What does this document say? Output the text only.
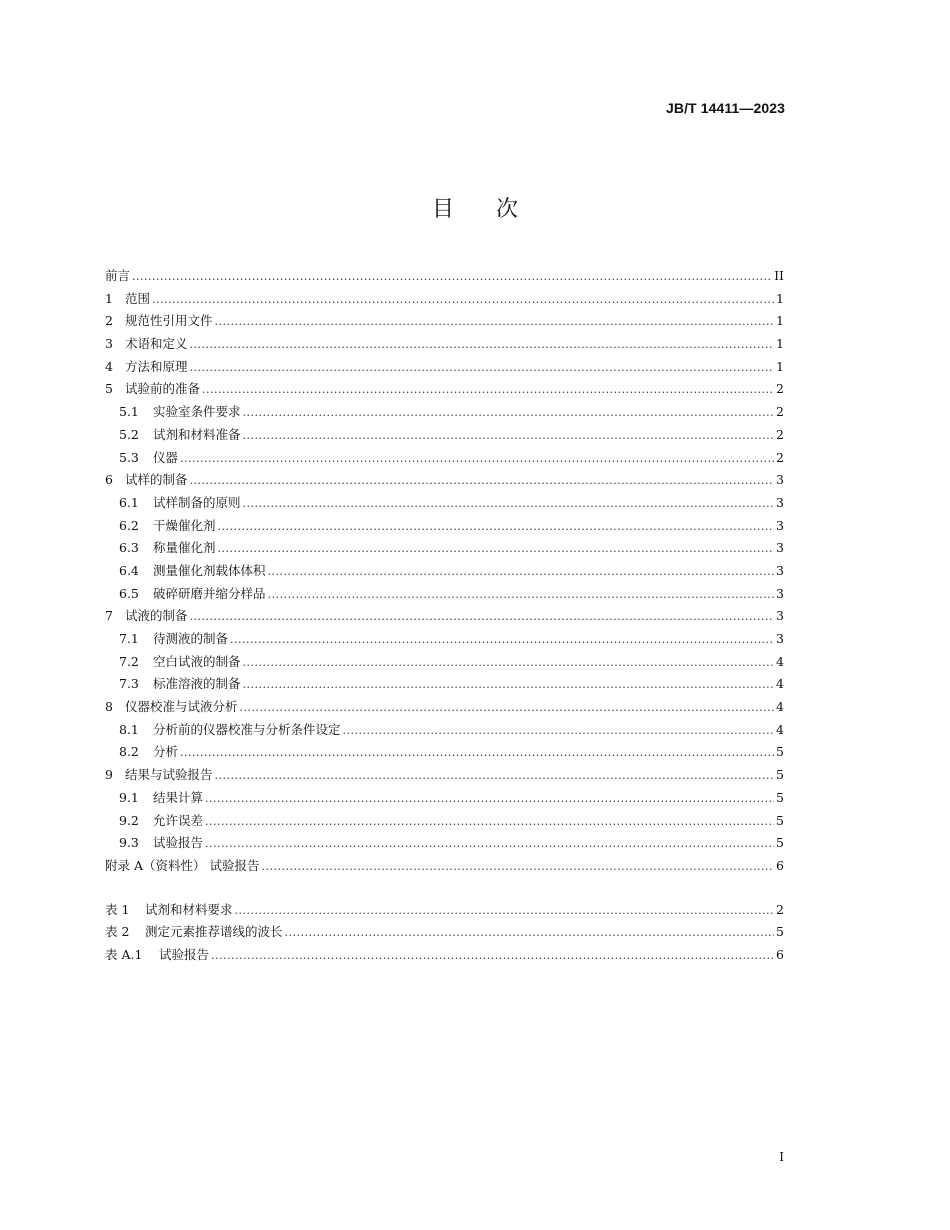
JB/T 14411—2023
目次
前言 .....	II
1 范围 .....	1
2 规范性引用文件 .....	1
3 术语和定义 .....	1
4 方法和原理 .....	1
5 试验前的准备 .....	2
5.1	实验室条件要求 .....	2
5.2	试剂和材料准备 .....	2
5.3	仪器 .....	2
6 试样的制备 .....	3
6.1	试样制备的原则 .....	3
6.2	干燥催化剂 .....	3
6.3	称量催化剂 .....	3
6.4	测量催化剂载体体积 .....	3
6.5	破碎研磨并缩分样品 .....	3
7 试液的制备 .....	3
7.1	待测液的制备 .....	3
7.2	空白试液的制备 .....	4
7.3	标准溶液的制备 .....	4
8 仪器校准与试液分析 .....	4
8.1	分析前的仪器校准与分析条件设定 .....	4
8.2	分析 .....	5
9 结果与试验报告 .....	5
9.1	结果计算 .....	5
9.2	允许误差 .....	5
9.3	试验报告 .....	5
附录 A（资料性） 试验报告 .....	6
表 1	试剂和材料要求 .....	2
表 2	测定元素推荐谱线的波长 .....	5
表 A.1	试验报告 .....	6
I
